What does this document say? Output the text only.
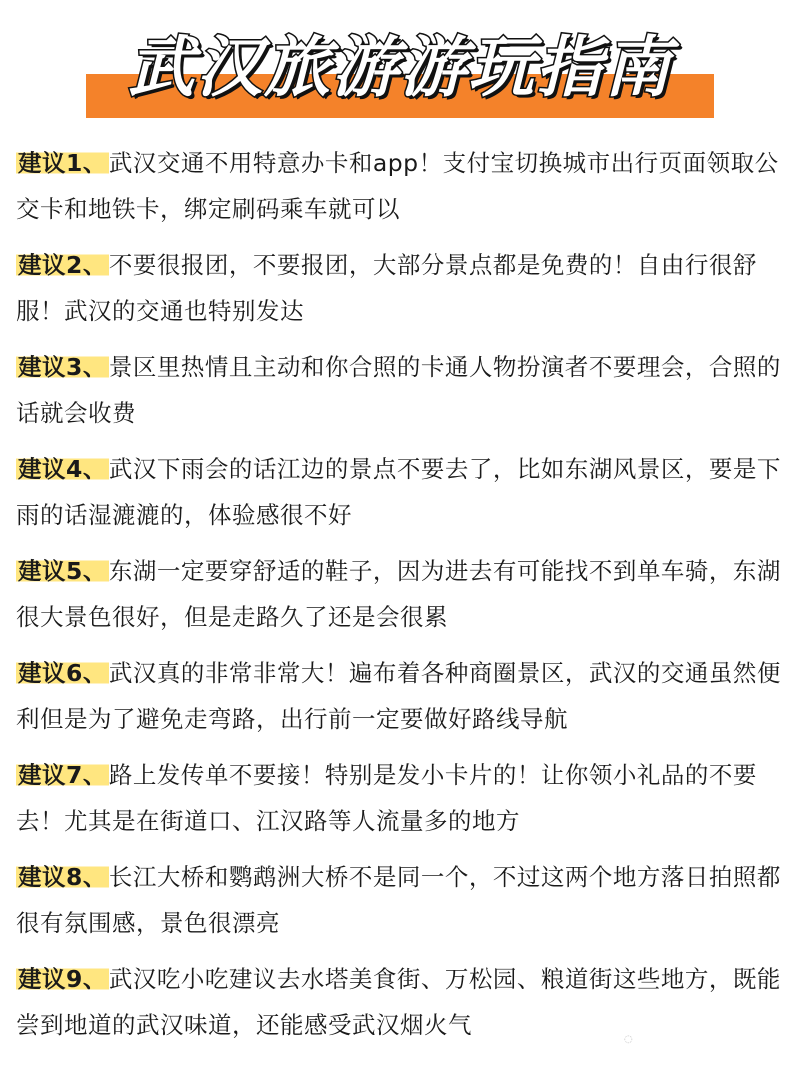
武汉旅游游玩指南
建议1、武汉交通不用特意办卡和app！支付宝切换城市出行页面领取公交卡和地铁卡，绑定刷码乘车就可以
建议2、不要很报团，不要报团，大部分景点都是免费的！自由行很舒服！武汉的交通也特别发达
建议3、景区里热情且主动和你合照的卡通人物扮演者不要理会，合照的话就会收费
建议4、武汉下雨会的话江边的景点不要去了，比如东湖风景区，要是下雨的话湿漉漉的，体验感很不好
建议5、东湖一定要穿舒适的鞋子，因为进去有可能找不到单车骑，东湖很大景色很好，但是走路久了还是会很累
建议6、武汉真的非常非常大！遍布着各种商圈景区，武汉的交通虽然便利但是为了避免走弯路，出行前一定要做好路线导航
建议7、路上发传单不要接！特别是发小卡片的！让你领小礼品的不要去！尤其是在街道口、江汉路等人流量多的地方
建议8、长江大桥和鹦鹉洲大桥不是同一个，不过这两个地方落日拍照都很有氛围感，景色很漂亮
建议9、武汉吃小吃建议去水塔美食街、万松园、粮道街这些地方，既能尝到地道的武汉味道，还能感受武汉烟火气
◌
